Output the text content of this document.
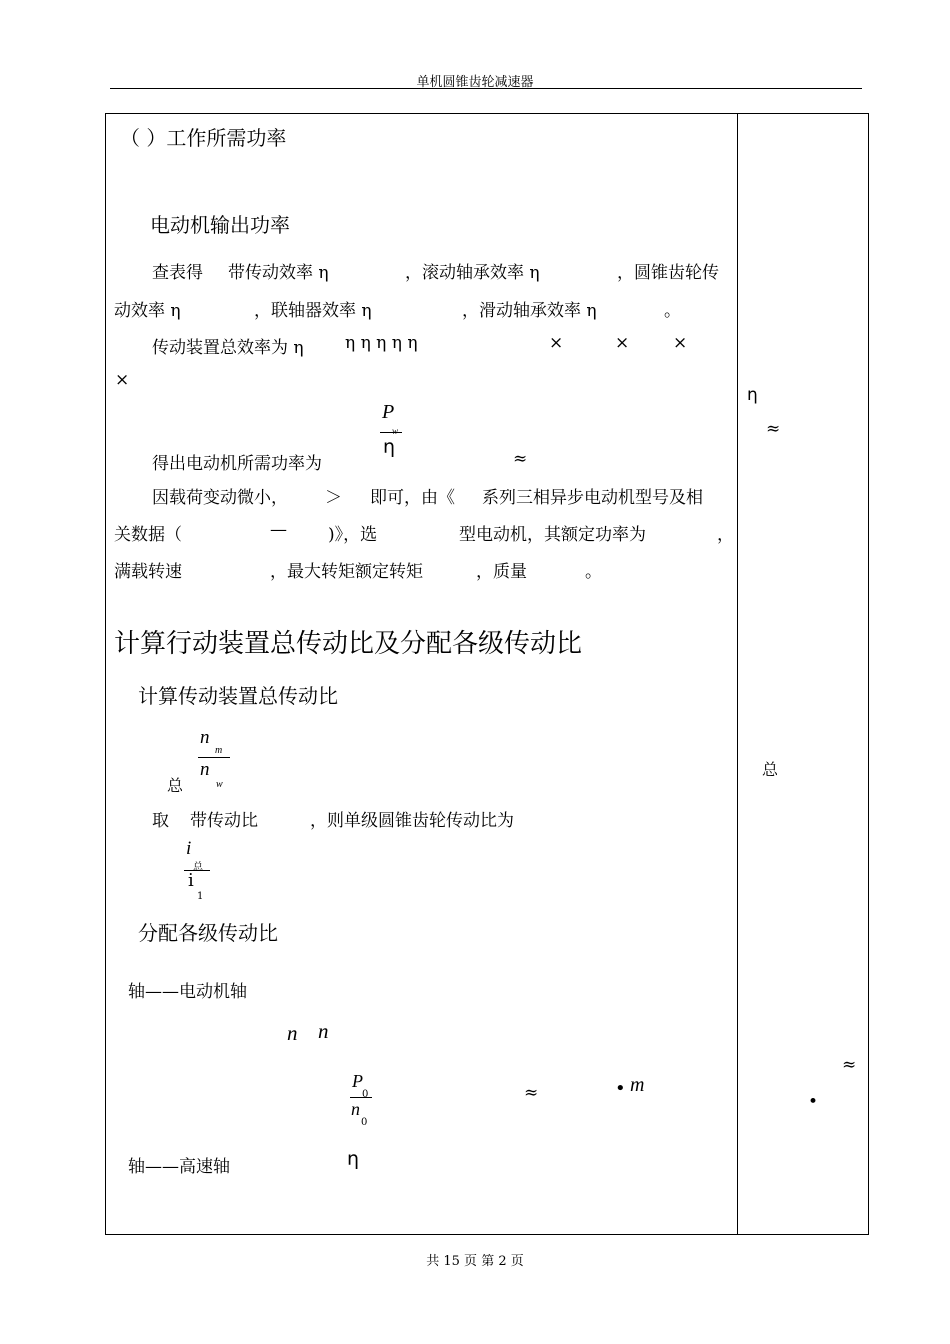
单机圆锥齿轮减速器
（ ）工作所需功率
电动机输出功率
查表得 带传动效率 η	，滚动轴承效率 η	，圆锥齿轮传
动效率 η	，联轴器效率 η	，滑动轴承效率 η	。
传动装置总效率为 η η η η η η	×	×	×
×
P
w
η
得出电动机所需功率为	≈
因载荷变动微小， ＞ 即可，由《 系列三相异步电动机型号及相
关数据（	— )》，选	型电动机，其额定功率为	，
满载转速	，最大转矩额定转矩	，质量	。
计算行动装置总传动比及分配各级传动比
计算传动装置总传动比
n
m
n
w
总
取 带传动比	，则单级圆锥齿轮传动比为
i
总
i
1
分配各级传动比
轴——电动机轴
n n
P
0
n
0
≈	• m
轴——高速轴	η
η
≈
总
≈
•
共 15 页 第 2 页
